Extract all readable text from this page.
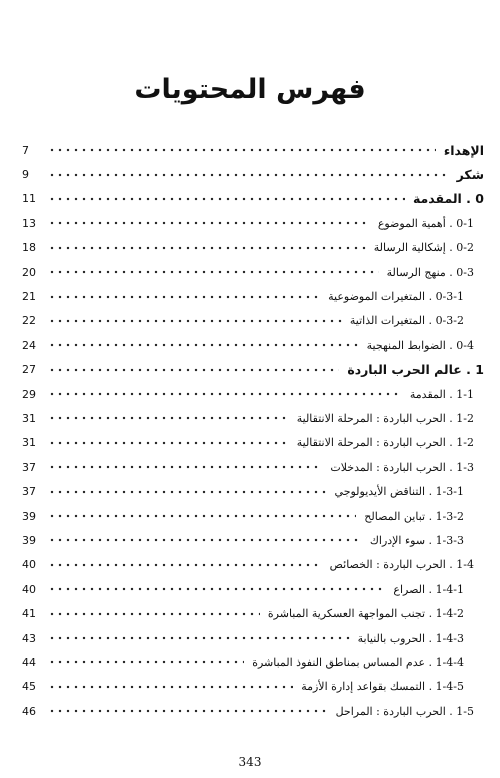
فهرس المحتويات
الإهداء
7
شكر
9
0 . المقدمة
11
0-1 . أهمية الموضوع
13
0-2 . إشكالية الرسالة
18
0-3 . منهج الرسالة
20
0-3-1 . المتغيرات الموضوعية
21
0-3-2 . المتغيرات الذاتية
22
0-4 . الضوابط المنهجية
24
1 . عالم الحرب الباردة
27
1-1 . المقدمة
29
1-2 . الحرب الباردة : المرحلة الانتقالية
31
1-2 . الحرب الباردة : المرحلة الانتقالية
31
1-3 . الحرب الباردة : المدخلات
37
1-3-1 . التناقض الأيديولوجي
37
1-3-2 . تباين المصالح
39
1-3-3 . سوء الإدراك
39
1-4 . الحرب الباردة : الخصائص
40
1-4-1 . الصراع
40
1-4-2 . تجنب المواجهة العسكرية المباشرة
41
1-4-3 . الحروب بالنيابة
43
1-4-4 . عدم المساس بمناطق النفوذ المباشرة
44
1-4-5 . التمسك بقواعد إدارة الأزمة
45
1-5 . الحرب الباردة : المراحل
46
343
